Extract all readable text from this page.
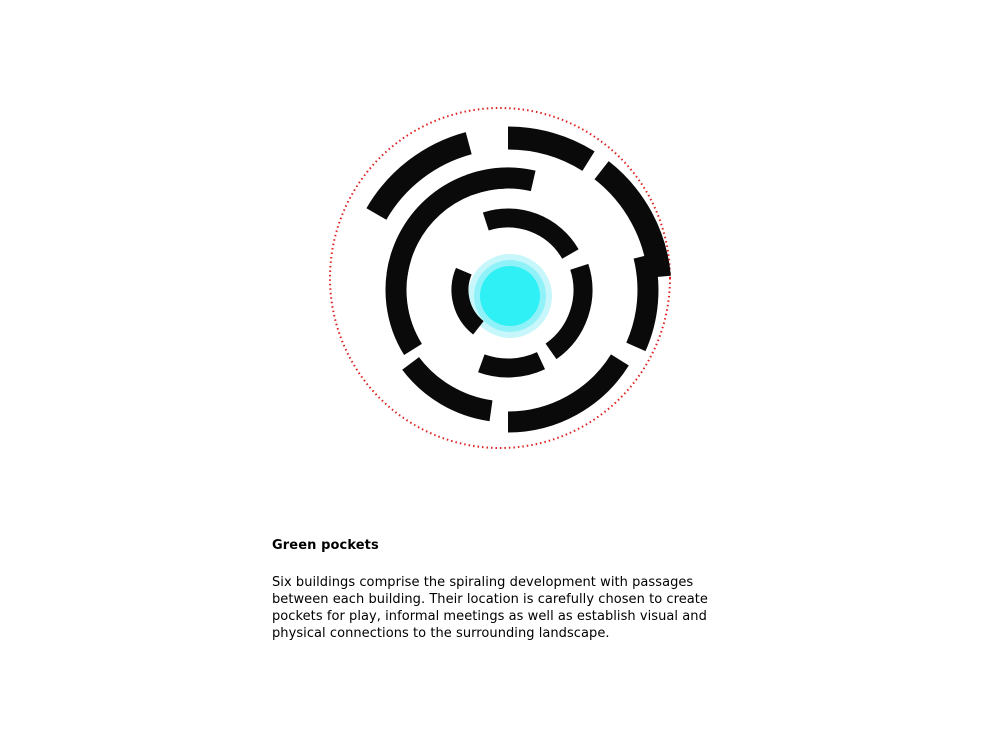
Green pockets

Six buildings comprise the spiraling development with passages between each building. Their location is carefully chosen to create pockets for play, informal meetings as well as establish visual and physical connections to the surrounding landscape.
